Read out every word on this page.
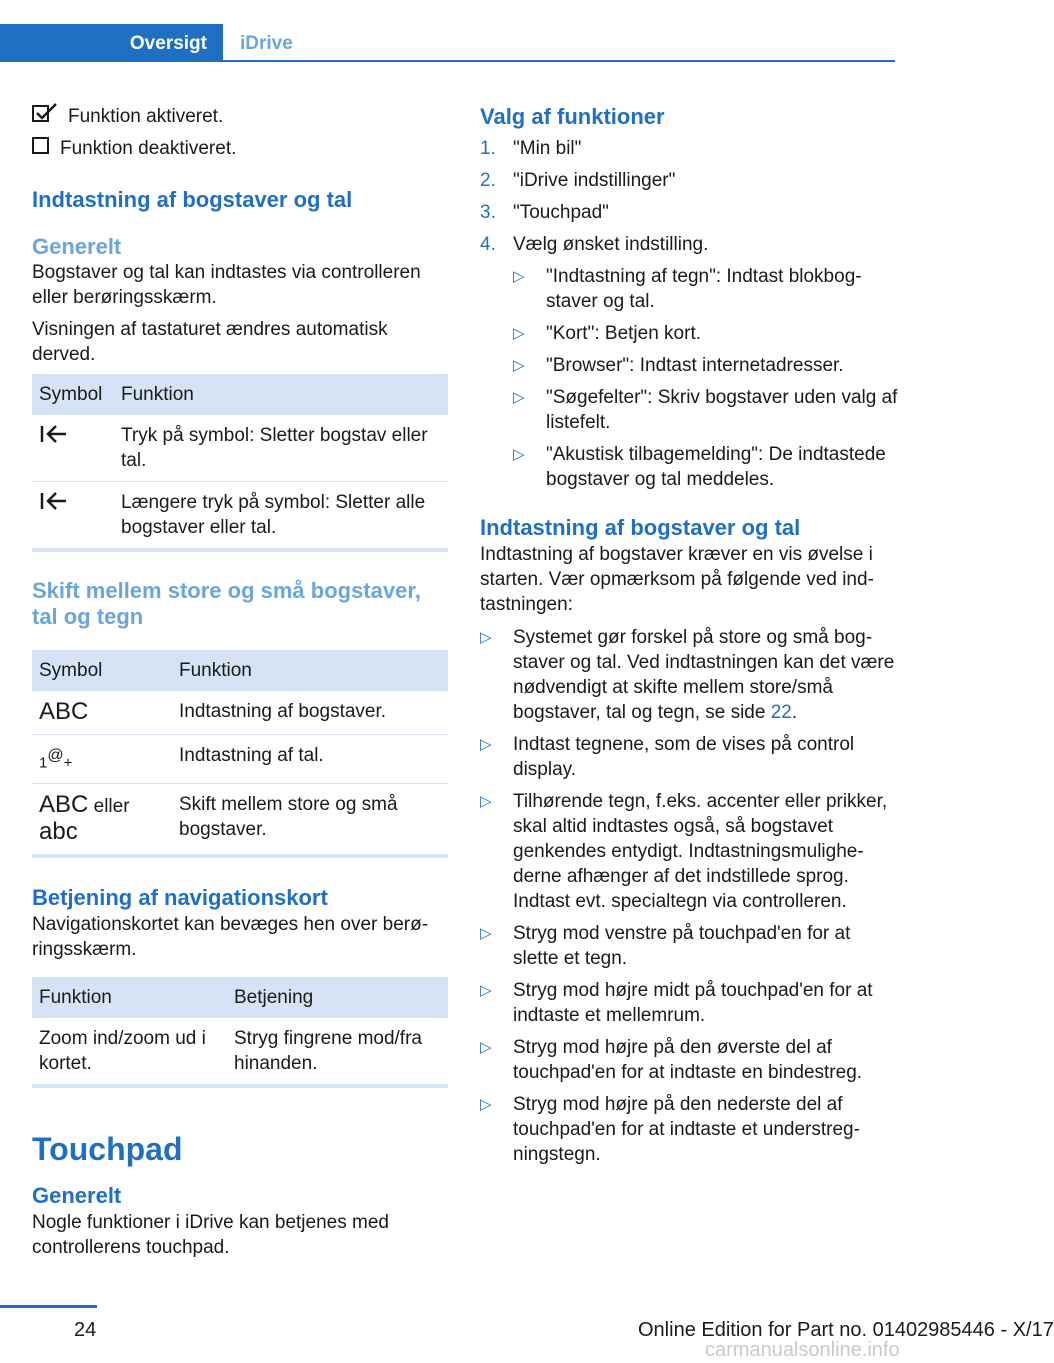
Oversigt	iDrive
Funktion aktiveret.
Funktion deaktiveret.

Indtastning af bogstaver og tal

Generelt

Bogstaver og tal kan indtastes via controlleren eller berøringsskærm.

Visningen af tastaturet ændres automatisk derved.

Symbol	Funktion
	Tryk på symbol: Sletter bogstav eller tal.
	Længere tryk på symbol: Sletter alle bogstaver eller tal.

Skift mellem store og små bogstaver, tal og tegn

Symbol	Funktion
ABC	Indtastning af bogstaver.
1@+	Indtastning af tal.
ABC eller
abc	Skift mellem store og små bogstaver.

Betjening af navigationskort

Navigationskortet kan bevæges hen over berøringsskærm.

Funktion	Betjening
Zoom ind/zoom ud i kortet.	Stryg fingrene mod/fra hinanden.

Touchpad

Generelt

Nogle funktioner i iDrive kan betjenes med controllerens touchpad.

Valg af funktioner

1. "Min bil"
2. "iDrive indstillinger"
3. "Touchpad"
4. Vælg ønsket indstilling.
▷	"Indtastning af tegn": Indtast blokbogstaver og tal.
▷	"Kort": Betjen kort.
▷	"Browser": Indtast internetadresser.
▷	"Søgefelter": Skriv bogstaver uden valg af listefelt.
▷	"Akustisk tilbagemelding": De indtastede bogstaver og tal meddeles.

Indtastning af bogstaver og tal

Indtastning af bogstaver kræver en vis øvelse i starten. Vær opmærksom på følgende ved indtastningen:

▷	Systemet gør forskel på store og små bogstaver og tal. Ved indtastningen kan det være nødvendigt at skifte mellem store/små bogstaver, tal og tegn, se side 22.
▷	Indtast tegnene, som de vises på control display.
▷	Tilhørende tegn, f.eks. accenter eller prikker, skal altid indtastes også, så bogstavet genkendes entydigt. Indtastningsmulighederne afhænger af det indstillede sprog. Indtast evt. specialtegn via controlleren.
▷	Stryg mod venstre på touchpad'en for at slette et tegn.
▷	Stryg mod højre midt på touchpad'en for at indtaste et mellemrum.
▷	Stryg mod højre på den øverste del af touchpad'en for at indtaste en bindestreg.
▷	Stryg mod højre på den nederste del af touchpad'en for at indtaste et understregningstegn.
24	Online Edition for Part no. 01402985446 - X/17
carmanualsonline.info
